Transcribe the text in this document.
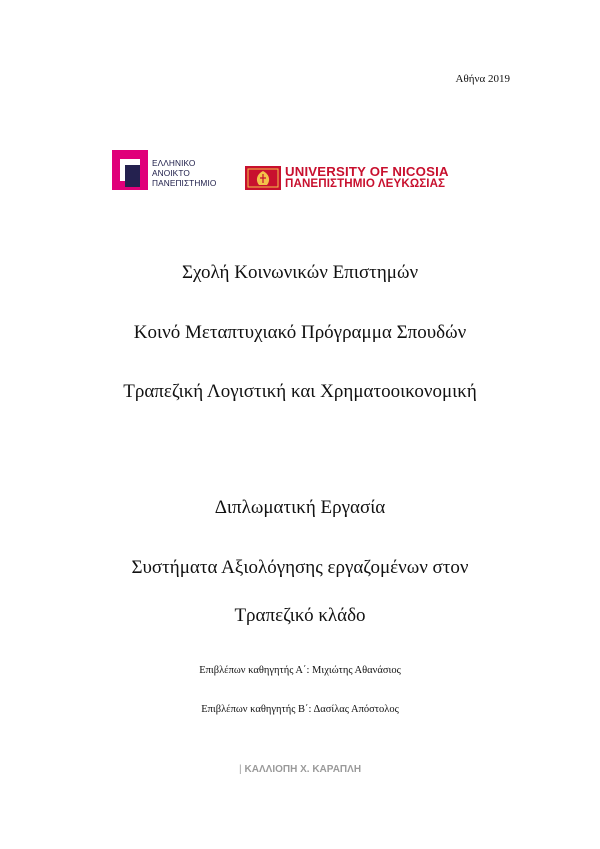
Αθήνα 2019
ΕΛΛΗΝΙΚΟ
ΑΝΟΙΚΤΟ
ΠΑΝΕΠΙΣΤΗΜΙΟ
UNIVERSITY OF NICOSIA
ΠΑΝΕΠΙΣΤΗΜΙΟ ΛΕΥΚΩΣΙΑΣ
Σχολή Κοινωνικών Επιστημών
Κοινό Μεταπτυχιακό Πρόγραμμα Σπουδών
Τραπεζική Λογιστική και Χρηματοοικονομική
Διπλωματική Εργασία
Συστήματα Αξιολόγησης εργαζομένων στον
Τραπεζικό κλάδο
Επιβλέπων καθηγητής Α΄: Μιχιώτης Αθανάσιος
Επιβλέπων καθηγητής Β΄: Δασίλας Απόστολος
| ΚΑΛΛΙΟΠΗ Χ. ΚΑΡΑΠΛΗ
